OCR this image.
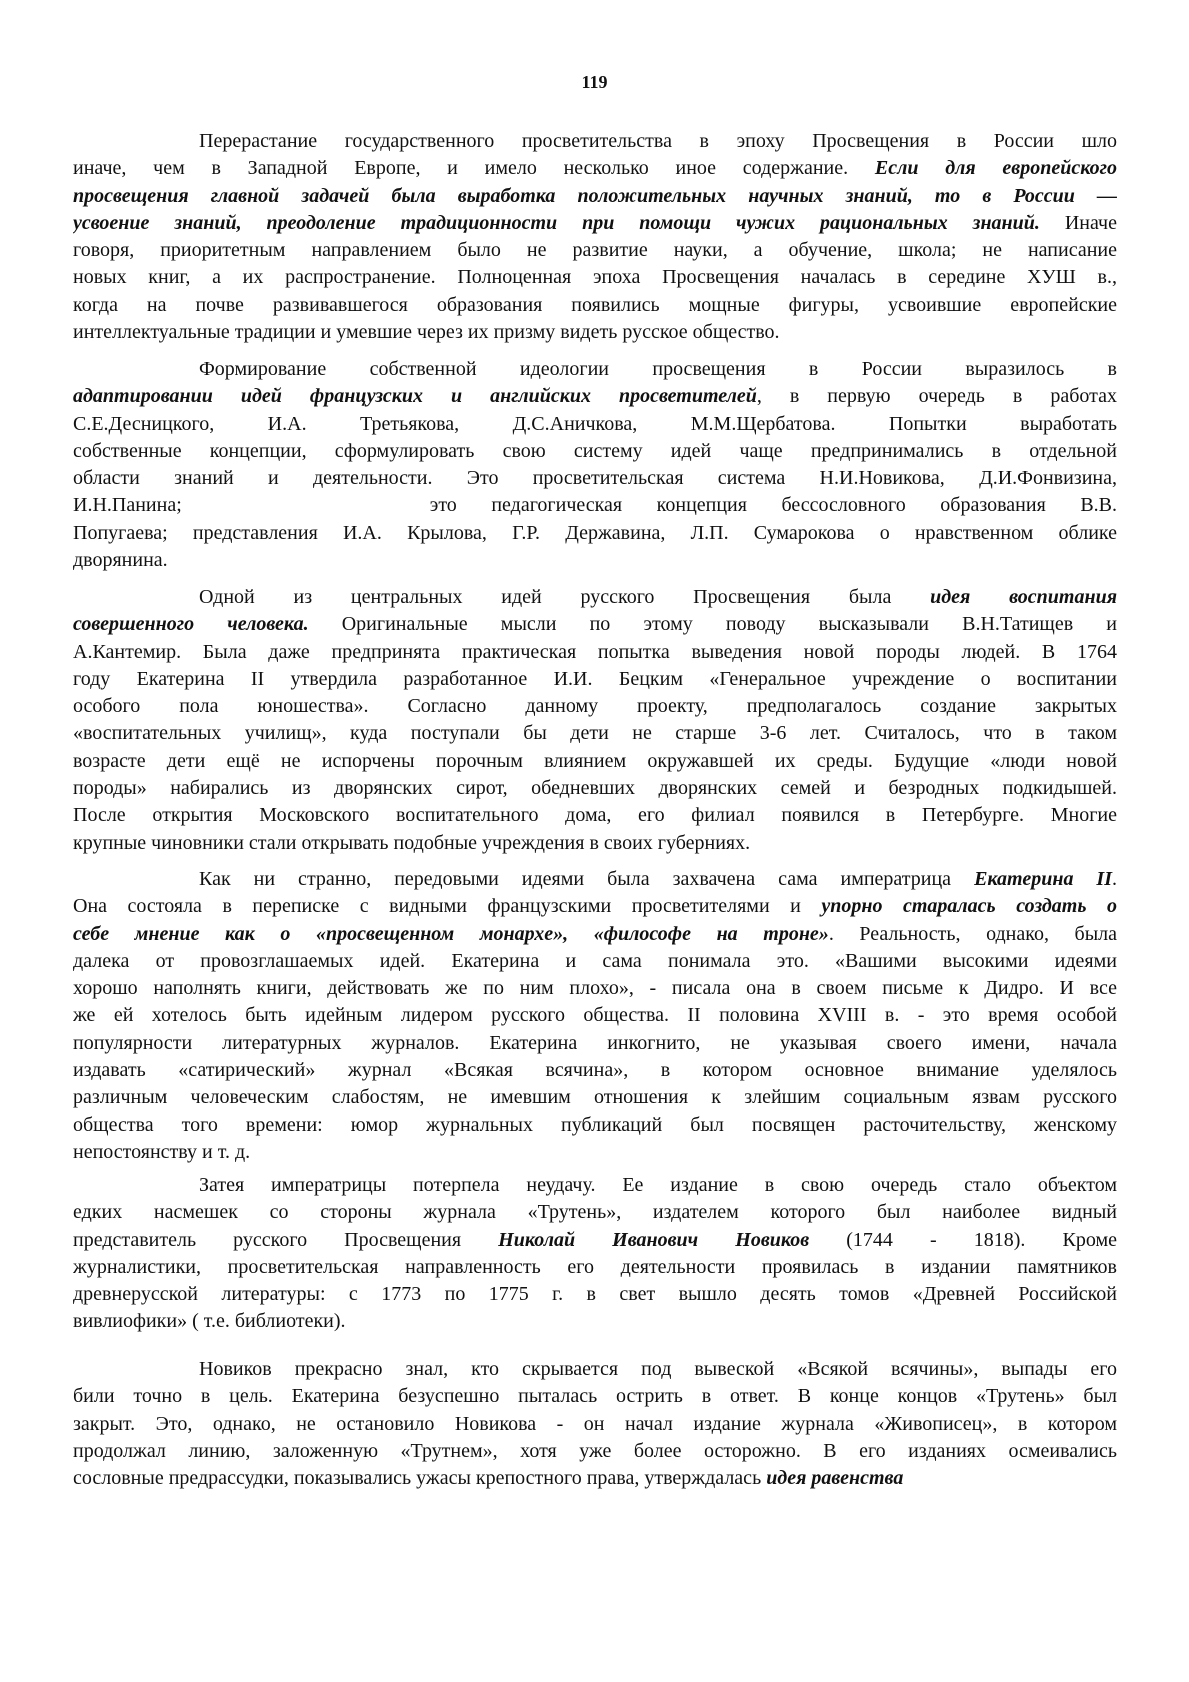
119
Перерастание государственного просветительства в эпоху Просвещения в России шло
иначе, чем в Западной Европе, и имело несколько иное содержание. Если для европейского
просвещения главной задачей была выработка положительных научных знаний, то в России —
усвоение знаний, преодоление традиционности при помощи чужих рациональных знаний. Иначе
говоря, приоритетным направлением было не развитие науки, а обучение, школа; не написание
новых книг, а их распространение. Полноценная эпоха Просвещения началась в середине ХУШ в.,
когда на почве развивавшегося образования появились мощные фигуры, усвоившие европейские
интеллектуальные традиции и умевшие через их призму видеть русское общество.
Формирование собственной идеологии просвещения в России выразилось в
адаптировании идей французских и английских просветителей, в первую очередь в работах
С.Е.Десницкого, И.А. Третьякова, Д.С.Аничкова, М.М.Щербатова. Попытки выработать
собственные концепции, сформулировать свою систему идей чаще предпринимались в отдельной
области знаний и деятельности. Это просветительская система Н.И.Новикова, Д.И.Фонвизина,
И.Н.Панина;	это педагогическая концепция бессословного образования В.В.
Попугаева; представления И.А. Крылова, Г.Р. Державина, Л.П. Сумарокова о нравственном облике
дворянина.
Одной из центральных идей русского Просвещения была идея воспитания
совершенного человека. Оригинальные мысли по этому поводу высказывали В.Н.Татищев и
А.Кантемир. Была даже предпринята практическая попытка выведения новой породы людей. В 1764
году Екатерина II утвердила разработанное И.И. Бецким «Генеральное учреждение о воспитании
особого пола юношества». Согласно данному проекту, предполагалось создание закрытых
«воспитательных училищ», куда поступали бы дети не старше 3-6 лет. Считалось, что в таком
возрасте дети ещё не испорчены порочным влиянием окружавшей их среды. Будущие «люди новой
породы» набирались из дворянских сирот, обедневших дворянских семей и безродных подкидышей.
После открытия Московского воспитательного дома, его филиал появился в Петербурге. Многие
крупные чиновники стали открывать подобные учреждения в своих губерниях.
Как ни странно, передовыми идеями была захвачена сама императрица Екатерина II.
Она состояла в переписке с видными французскими просветителями и упорно старалась создать о
себе мнение как о «просвещенном монархе», «философе на троне». Реальность, однако, была
далека от провозглашаемых идей. Екатерина и сама понимала это. «Вашими высокими идеями
хорошо наполнять книги, действовать же по ним плохо», - писала она в своем письме к Дидро. И все
же ей хотелось быть идейным лидером русского общества. II половина XVIII в. - это время особой
популярности литературных журналов. Екатерина инкогнито, не указывая своего имени, начала
издавать «сатирический» журнал «Всякая всячина», в котором основное внимание уделялось
различным человеческим слабостям, не имевшим отношения к злейшим социальным язвам русского
общества того времени: юмор журнальных публикаций был посвящен расточительству, женскому
непостоянству и т. д.
Затея императрицы потерпела неудачу. Ее издание в свою очередь стало объектом
едких насмешек со стороны журнала «Трутень», издателем которого был наиболее видный
представитель русского Просвещения Николай Иванович Новиков (1744 - 1818). Кроме
журналистики, просветительская направленность его деятельности проявилась в издании памятников
древнерусской литературы: с 1773 по 1775 г. в свет вышло десять томов «Древней Российской
вивлиофики» ( т.е. библиотеки).
Новиков прекрасно знал, кто скрывается под вывеской «Всякой всячины», выпады его
били точно в цель. Екатерина безуспешно пыталась острить в ответ. В конце концов «Трутень» был
закрыт. Это, однако, не остановило Новикова - он начал издание журнала «Живописец», в котором
продолжал линию, заложенную «Трутнем», хотя уже более осторожно. В его изданиях осмеивались
сословные предрассудки, показывались ужасы крепостного права, утверждалась идея равенства
